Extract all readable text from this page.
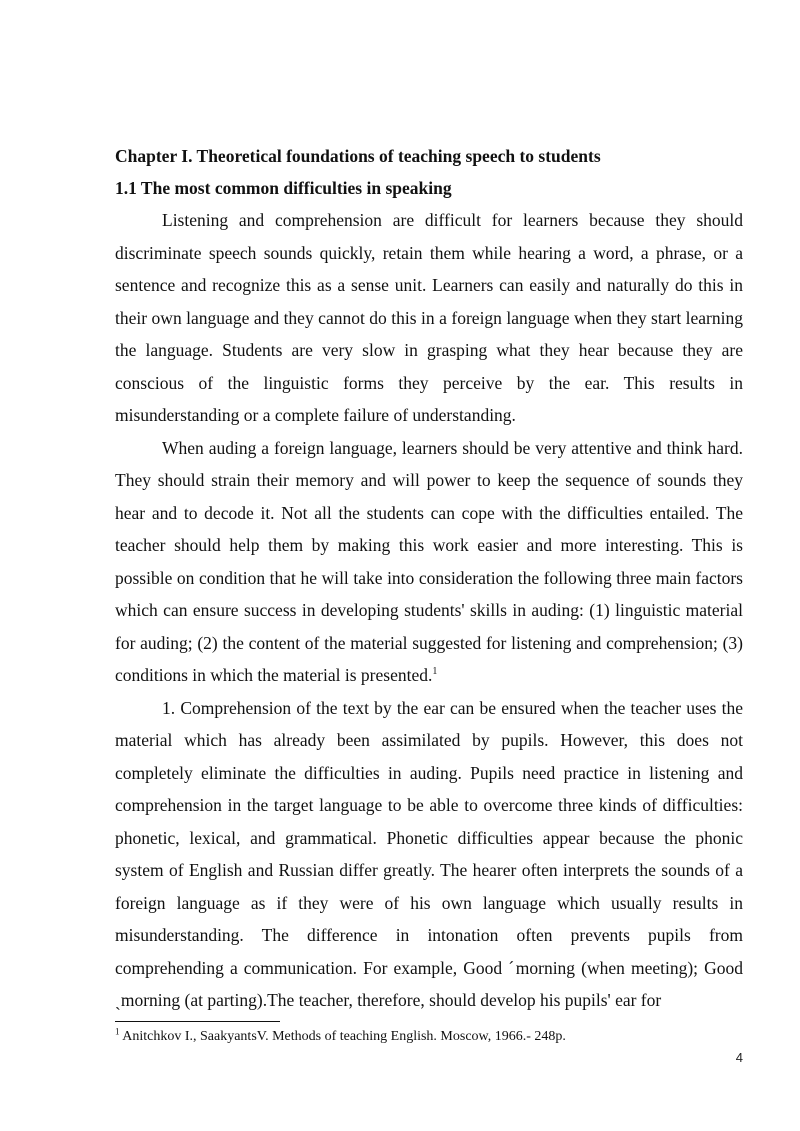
Chapter I. Theoretical foundations of teaching speech to students

1.1 The most common difficulties in speaking

Listening and comprehension are difficult for learners because they should discriminate speech sounds quickly, retain them while hearing a word, a phrase, or a sentence and recognize this as a sense unit. Learners can easily and naturally do this in their own language and they cannot do this in a foreign language when they start learning the language. Students are very slow in grasping what they hear because they are conscious of the linguistic forms they perceive by the ear. This results in misunderstanding or a complete failure of understanding.

When auding a foreign language, learners should be very attentive and think hard. They should strain their memory and will power to keep the sequence of sounds they hear and to decode it. Not all the students can cope with the difficulties entailed. The teacher should help them by making this work easier and more interesting. This is possible on condition that he will take into consideration the following three main factors which can ensure success in developing students' skills in auding: (1) linguistic material for auding; (2) the content of the material suggested for listening and comprehension; (3) conditions in which the material is presented.$^1$

1. Comprehension of the text by the ear can be ensured when the teacher uses the material which has already been assimilated by pupils. However, this does not completely eliminate the difficulties in auding. Pupils need practice in listening and comprehension in the target language to be able to overcome three kinds of difficulties: phonetic, lexical, and grammatical. Phonetic difficulties appear because the phonic system of English and Russian differ greatly. The hearer often interprets the sounds of a foreign language as if they were of his own language which usually results in misunderstanding. The difference in intonation often prevents pupils from comprehending a communication. For example, Good ˊmorning (when meeting); Good ˏmorning (at parting).The teacher, therefore, should develop his pupils' ear for

$^1$ Anitchkov I., SaakyantsV. Methods of teaching English. Moscow, 1966.- 248p.
4
